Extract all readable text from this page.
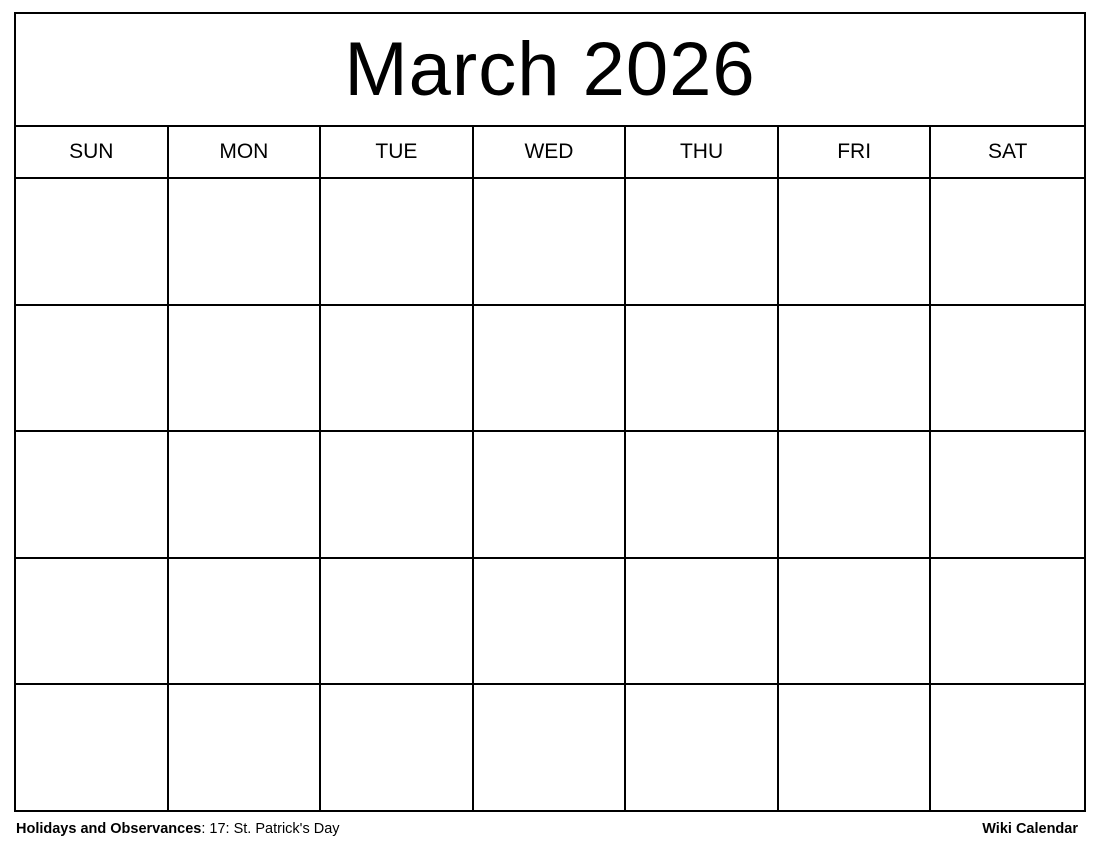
March 2026
SUN	MON	TUE	WED	THU	FRI	SAT
Holidays and Observances: 17: St. Patrick's Day	Wiki Calendar
